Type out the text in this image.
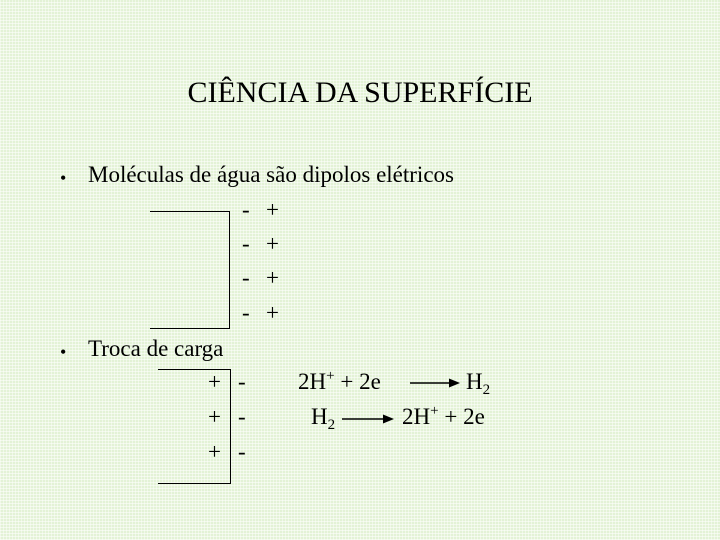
CIÊNCIA DA SUPERFÍCIE
• Moléculas de água são dipolos elétricos
- +
- +
- +
- +
• Troca de carga
+ -
+ -
+ -
$2H^+ + 2e \to H_2$
$H_2 \to 2H^+ + 2e$
